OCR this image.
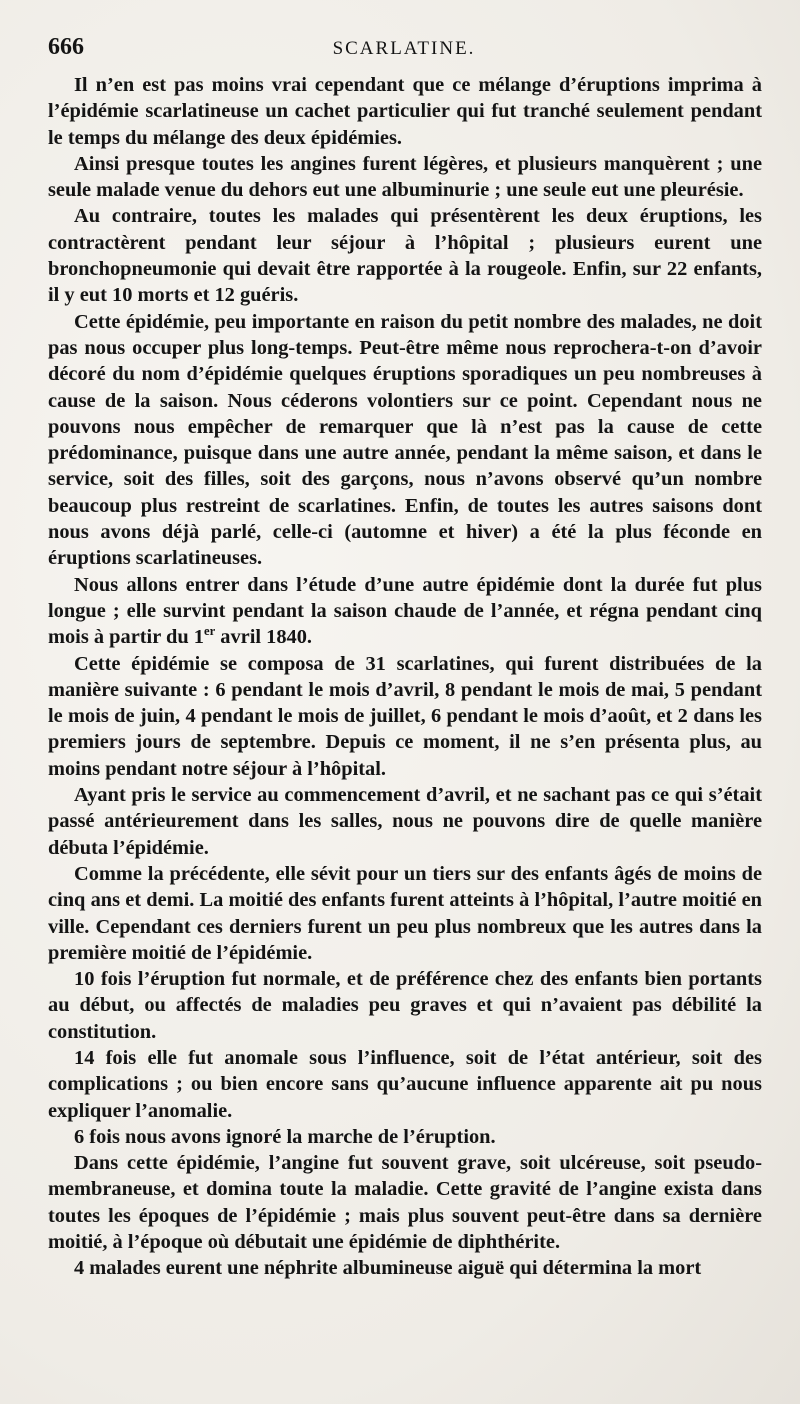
666	SCARLATINE.

Il n’en est pas moins vrai cependant que ce mélange d’éruptions imprima à l’épidémie scarlatineuse un cachet particulier qui fut tranché seulement pendant le temps du mélange des deux épidémies.

Ainsi presque toutes les angines furent légères, et plusieurs manquèrent ; une seule malade venue du dehors eut une albuminurie ; une seule eut une pleurésie.

Au contraire, toutes les malades qui présentèrent les deux éruptions, les contractèrent pendant leur séjour à l’hôpital ; plusieurs eurent une bronchopneumonie qui devait être rapportée à la rougeole. Enfin, sur 22 enfants, il y eut 10 morts et 12 guéris.

Cette épidémie, peu importante en raison du petit nombre des malades, ne doit pas nous occuper plus long-temps. Peut-être même nous reprochera-t-on d’avoir décoré du nom d’épidémie quelques éruptions sporadiques un peu nombreuses à cause de la saison. Nous céderons volontiers sur ce point. Cependant nous ne pouvons nous empêcher de remarquer que là n’est pas la cause de cette prédominance, puisque dans une autre année, pendant la même saison, et dans le service, soit des filles, soit des garçons, nous n’avons observé qu’un nombre beaucoup plus restreint de scarlatines. Enfin, de toutes les autres saisons dont nous avons déjà parlé, celle-ci (automne et hiver) a été la plus féconde en éruptions scarlatineuses.

Nous allons entrer dans l’étude d’une autre épidémie dont la durée fut plus longue ; elle survint pendant la saison chaude de l’année, et régna pendant cinq mois à partir du 1er avril 1840.

Cette épidémie se composa de 31 scarlatines, qui furent distribuées de la manière suivante : 6 pendant le mois d’avril, 8 pendant le mois de mai, 5 pendant le mois de juin, 4 pendant le mois de juillet, 6 pendant le mois d’août, et 2 dans les premiers jours de septembre. Depuis ce moment, il ne s’en présenta plus, au moins pendant notre séjour à l’hôpital.

Ayant pris le service au commencement d’avril, et ne sachant pas ce qui s’était passé antérieurement dans les salles, nous ne pouvons dire de quelle manière débuta l’épidémie.

Comme la précédente, elle sévit pour un tiers sur des enfants âgés de moins de cinq ans et demi. La moitié des enfants furent atteints à l’hôpital, l’autre moitié en ville. Cependant ces derniers furent un peu plus nombreux que les autres dans la première moitié de l’épidémie.

10 fois l’éruption fut normale, et de préférence chez des enfants bien portants au début, ou affectés de maladies peu graves et qui n’avaient pas débilité la constitution.

14 fois elle fut anomale sous l’influence, soit de l’état antérieur, soit des complications ; ou bien encore sans qu’aucune influence apparente ait pu nous expliquer l’anomalie.

6 fois nous avons ignoré la marche de l’éruption.

Dans cette épidémie, l’angine fut souvent grave, soit ulcéreuse, soit pseudo-membraneuse, et domina toute la maladie. Cette gravité de l’angine exista dans toutes les époques de l’épidémie ; mais plus souvent peut-être dans sa dernière moitié, à l’époque où débutait une épidémie de diphthérite.

4 malades eurent une néphrite albumineuse aiguë qui détermina la mort
